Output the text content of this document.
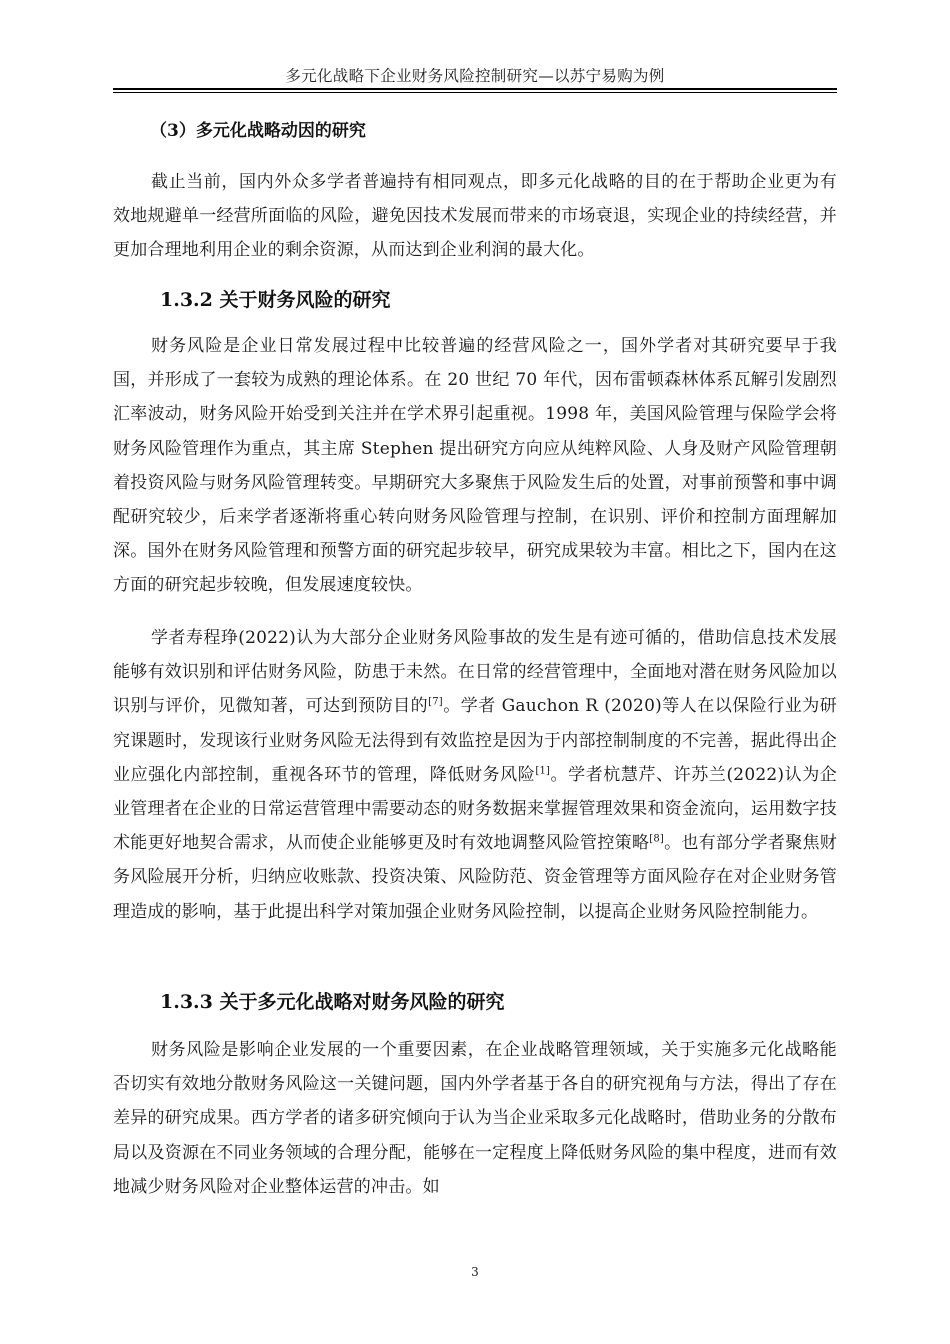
多元化战略下企业财务风险控制研究—以苏宁易购为例
（3）多元化战略动因的研究

截止当前，国内外众多学者普遍持有相同观点，即多元化战略的目的在于帮助企业更为有效地规避单一经营所面临的风险，避免因技术发展而带来的市场衰退，实现企业的持续经营，并更加合理地利用企业的剩余资源，从而达到企业利润的最大化。

1.3.2 关于财务风险的研究

财务风险是企业日常发展过程中比较普遍的经营风险之一，国外学者对其研究要早于我国，并形成了一套较为成熟的理论体系。在 20 世纪 70 年代，因布雷顿森林体系瓦解引发剧烈汇率波动，财务风险开始受到关注并在学术界引起重视。1998 年，美国风险管理与保险学会将财务风险管理作为重点，其主席 Stephen 提出研究方向应从纯粹风险、人身及财产风险管理朝着投资风险与财务风险管理转变。早期研究大多聚焦于风险发生后的处置，对事前预警和事中调配研究较少，后来学者逐渐将重心转向财务风险管理与控制，在识别、评价和控制方面理解加深。国外在财务风险管理和预警方面的研究起步较早，研究成果较为丰富。相比之下，国内在这方面的研究起步较晚，但发展速度较快。

学者寿程琤(2022)认为大部分企业财务风险事故的发生是有迹可循的，借助信息技术发展能够有效识别和评估财务风险，防患于未然。在日常的经营管理中，全面地对潜在财务风险加以识别与评价，见微知著，可达到预防目的[7]。学者 Gauchon R (2020)等人在以保险行业为研究课题时，发现该行业财务风险无法得到有效监控是因为于内部控制制度的不完善，据此得出企业应强化内部控制，重视各环节的管理，降低财务风险[1]。学者杭慧芹、许苏兰(2022)认为企业管理者在企业的日常运营管理中需要动态的财务数据来掌握管理效果和资金流向，运用数字技术能更好地契合需求，从而使企业能够更及时有效地调整风险管控策略[8]。也有部分学者聚焦财务风险展开分析，归纳应收账款、投资决策、风险防范、资金管理等方面风险存在对企业财务管理造成的影响，基于此提出科学对策加强企业财务风险控制，以提高企业财务风险控制能力。

1.3.3 关于多元化战略对财务风险的研究

财务风险是影响企业发展的一个重要因素，在企业战略管理领域，关于实施多元化战略能否切实有效地分散财务风险这一关键问题，国内外学者基于各自的研究视角与方法，得出了存在差异的研究成果。西方学者的诸多研究倾向于认为当企业采取多元化战略时，借助业务的分散布局以及资源在不同业务领域的合理分配，能够在一定程度上降低财务风险的集中程度，进而有效地减少财务风险对企业整体运营的冲击。如

3
